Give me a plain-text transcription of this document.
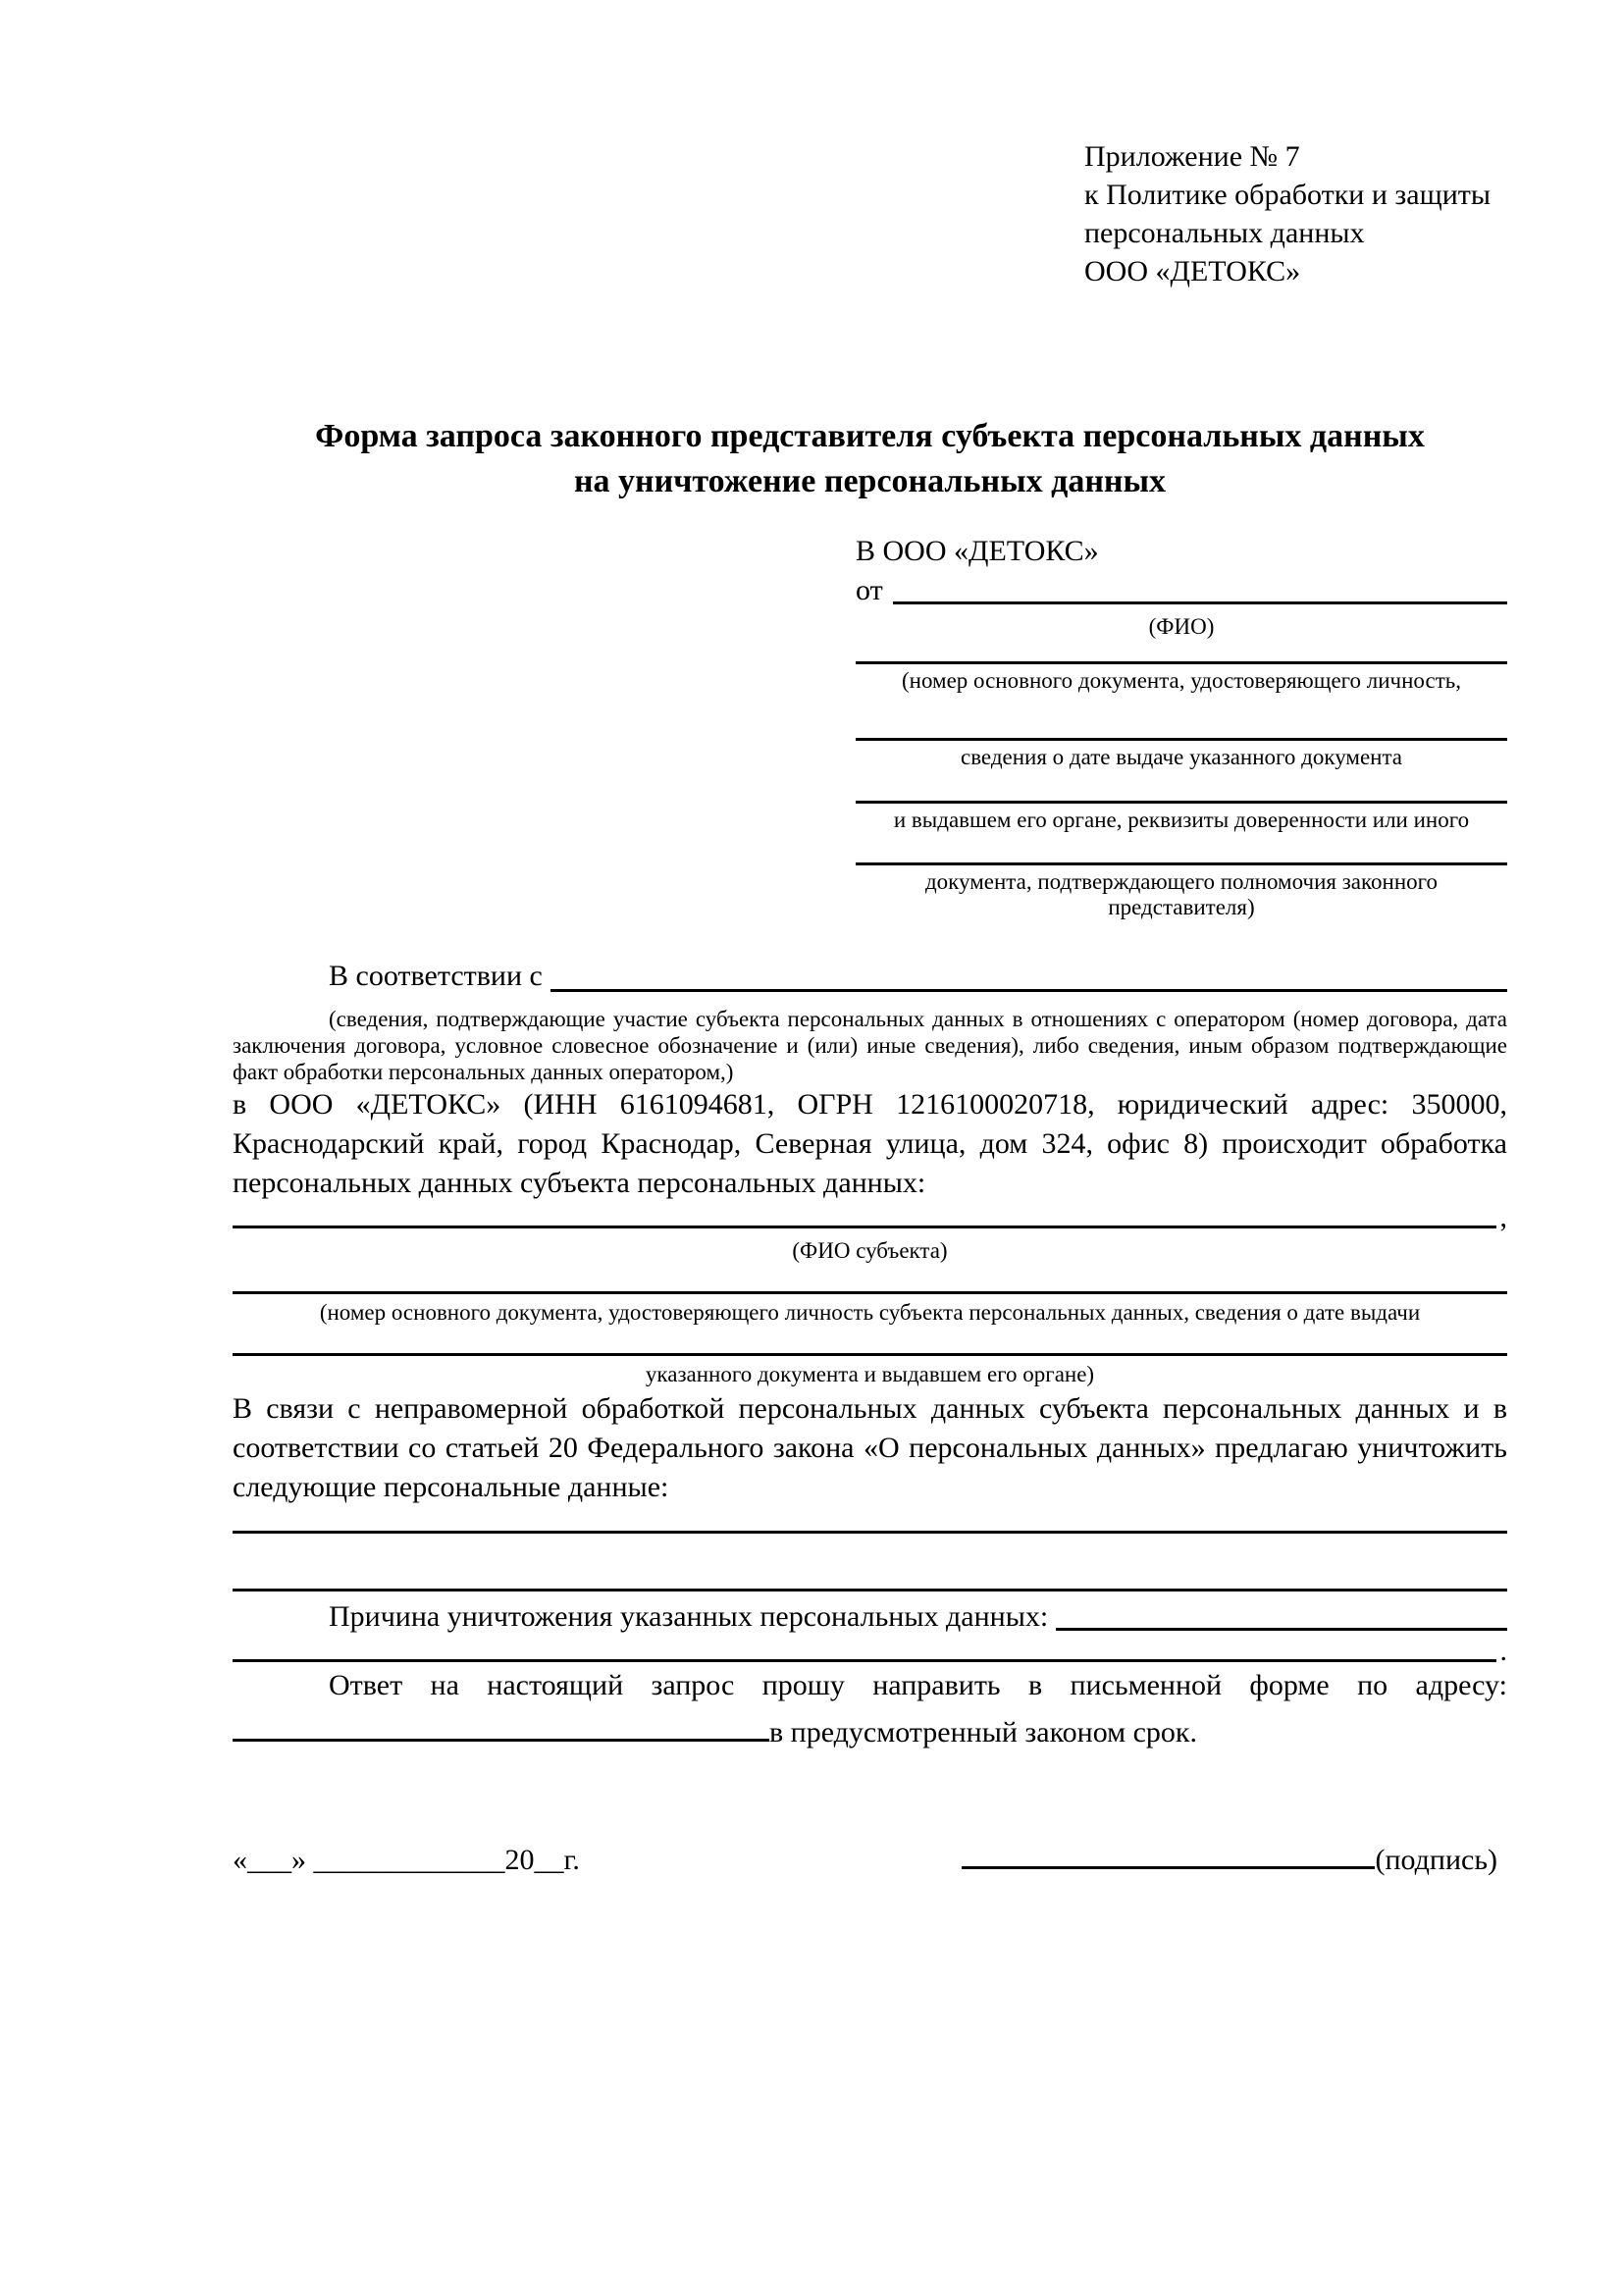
Приложение № 7
к Политике обработки и защиты
персональных данных
ООО «ДЕТОКС»
Форма запроса законного представителя субъекта персональных данных
на уничтожение персональных данных
В ООО «ДЕТОКС»
от
(ФИО)
(номер основного документа, удостоверяющего личность,
сведения о дате выдаче указанного документа
и выдавшем его органе, реквизиты доверенности или иного
документа, подтверждающего полномочия законного представителя)
В соответствии с
(сведения, подтверждающие участие субъекта персональных данных в отношениях с оператором (номер договора, дата заключения договора, условное словесное обозначение и (или) иные сведения), либо сведения, иным образом подтверждающие факт обработки персональных данных оператором,)
в ООО «ДЕТОКС» (ИНН 6161094681, ОГРН 1216100020718, юридический адрес: 350000, Краснодарский край, город Краснодар, Северная улица, дом 324, офис 8) происходит обработка персональных данных субъекта персональных данных:
,
(ФИО субъекта)
(номер основного документа, удостоверяющего личность субъекта персональных данных, сведения о дате выдачи
указанного документа и выдавшем его органе)
В связи с неправомерной обработкой персональных данных субъекта персональных данных и в соответствии со статьей 20 Федерального закона «О персональных данных» предлагаю уничтожить следующие персональные данные:
Причина уничтожения указанных персональных данных:
.
Ответ на настоящий запрос прошу направить в письменной форме по адресу:
в предусмотренный законом срок.
«___» _____________20__г.	(подпись)
